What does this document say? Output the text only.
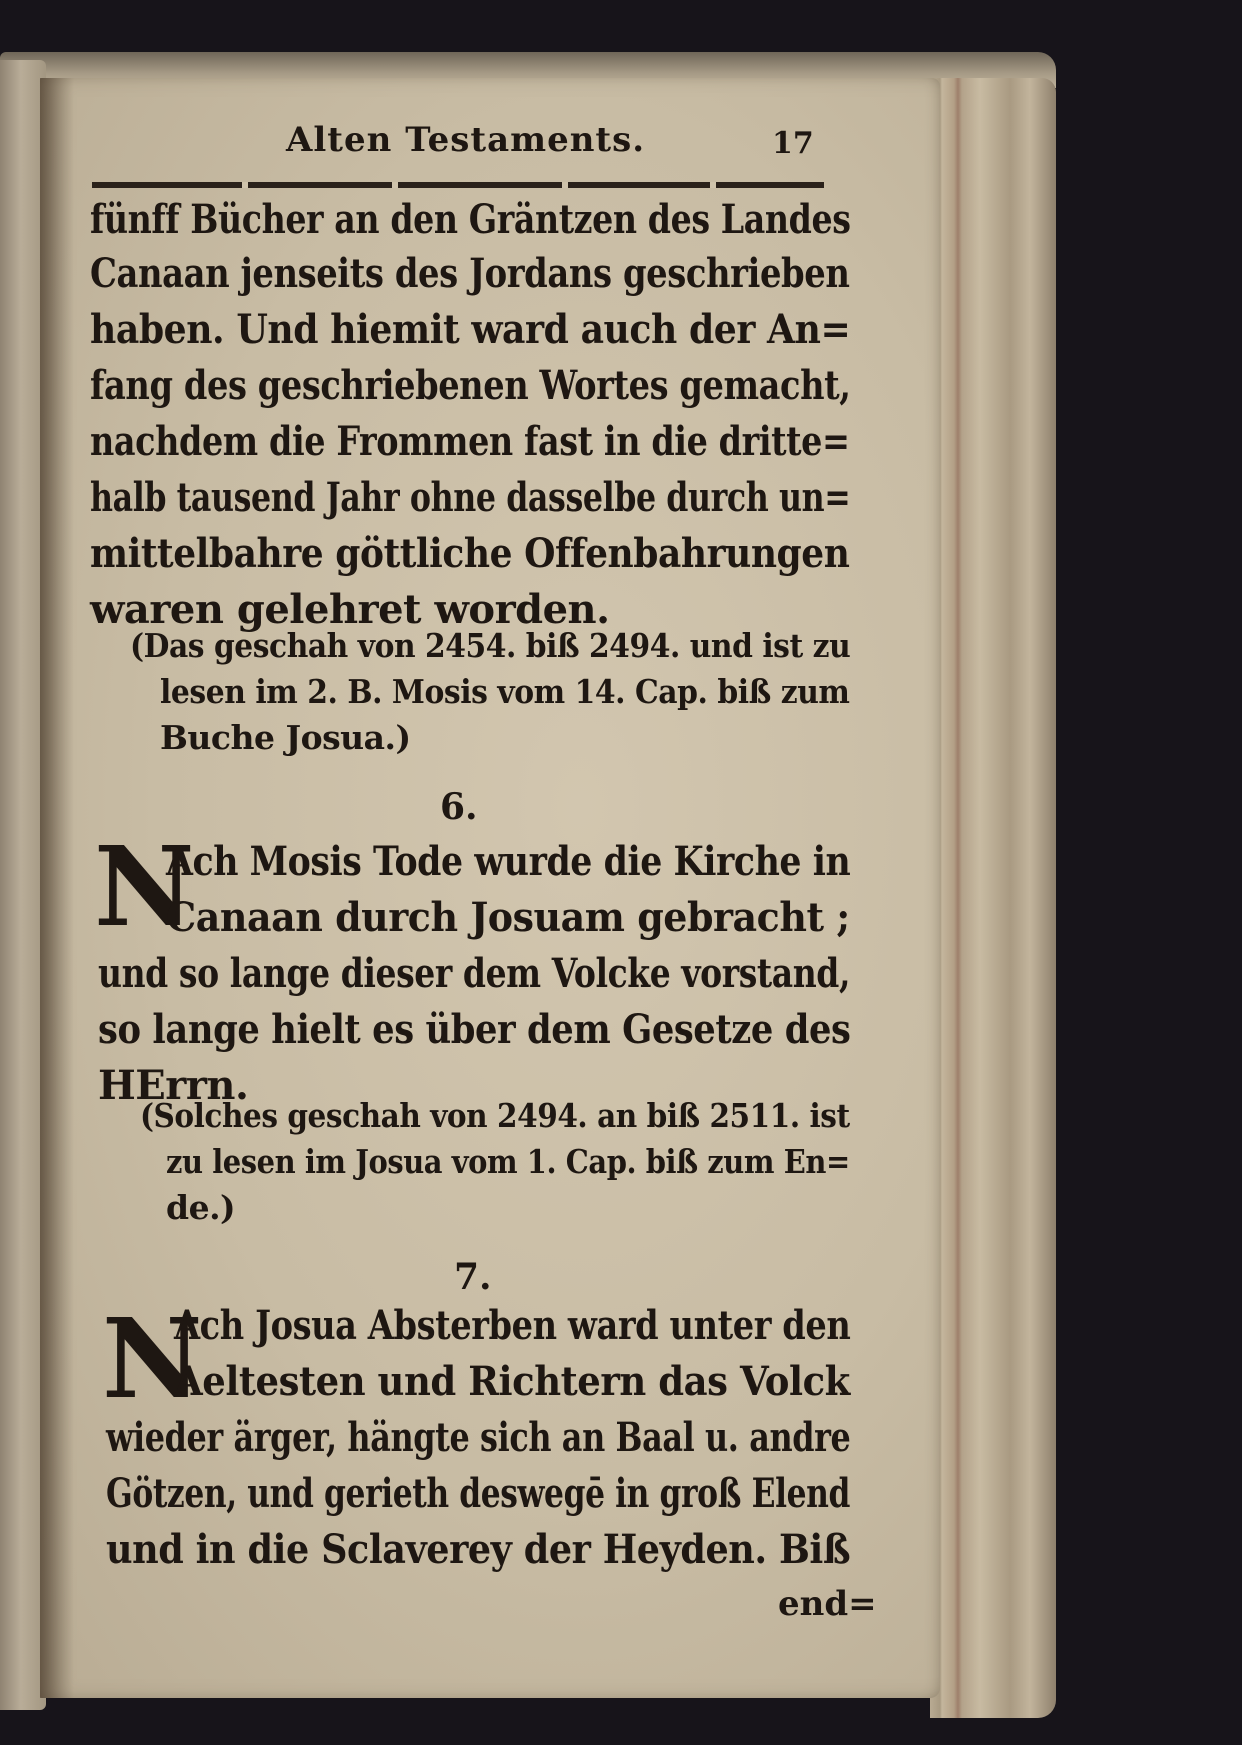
Alten Testaments.	17
fünff Bücher an den Gräntzen des Landes
Canaan jenseits des Jordans geschrieben
haben. Und hiemit ward auch der An=
fang des geschriebenen Wortes gemacht,
nachdem die Frommen fast in die dritte=
halb tausend Jahr ohne dasselbe durch un=
mittelbahre göttliche Offenbahrungen
waren gelehret worden.
(Das geschah von 2454. biß 2494. und ist zu
lesen im 2. B. Mosis vom 14. Cap. biß zum
Buche Josua.)
6.
N
Ach Mosis Tode wurde die Kirche in
Canaan durch Josuam gebracht ;
und so lange dieser dem Volcke vorstand,
so lange hielt es über dem Gesetze des
HErrn.
(Solches geschah von 2494. an biß 2511. ist
zu lesen im Josua vom 1. Cap. biß zum En=
de.)
7.
N
Ach Josua Absterben ward unter den
Aeltesten und Richtern das Volck
wieder ärger, hängte sich an Baal u. andre
Götzen, und gerieth deswegē in groß Elend
und in die Sclaverey der Heyden. Biß
end=
